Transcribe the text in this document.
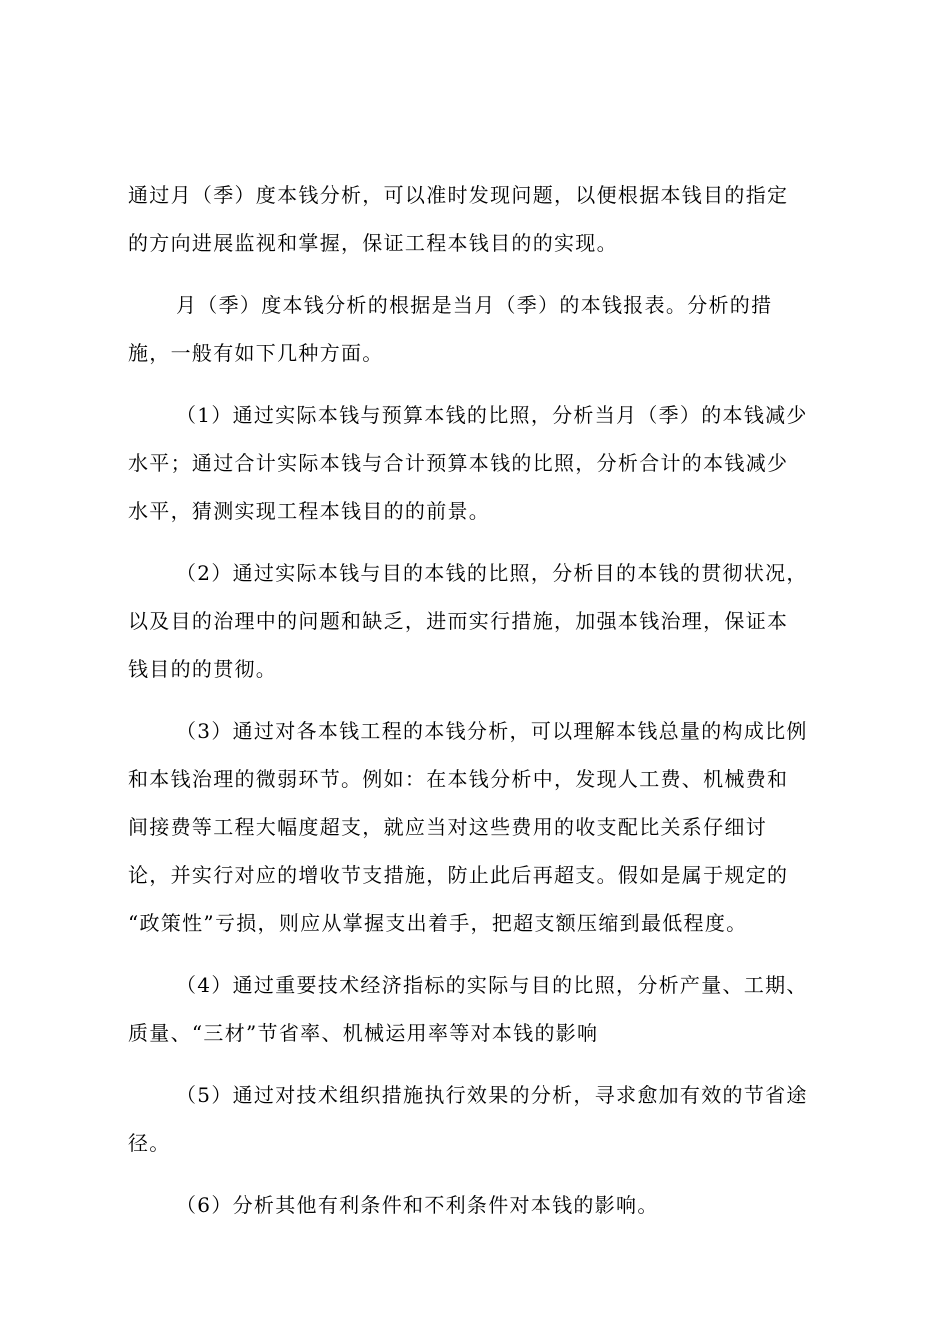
通过月（季）度本钱分析，可以准时发现问题，以便根据本钱目的指定
的方向进展监视和掌握，保证工程本钱目的的实现。
月（季）度本钱分析的根据是当月（季）的本钱报表。分析的措
施，一般有如下几种方面。
（1）通过实际本钱与预算本钱的比照，分析当月（季）的本钱减少
水平；通过合计实际本钱与合计预算本钱的比照，分析合计的本钱减少
水平，猜测实现工程本钱目的的前景。
（2）通过实际本钱与目的本钱的比照，分析目的本钱的贯彻状况，
以及目的治理中的问题和缺乏，进而实行措施，加强本钱治理，保证本
钱目的的贯彻。
（3）通过对各本钱工程的本钱分析，可以理解本钱总量的构成比例
和本钱治理的微弱环节。例如：在本钱分析中，发现人工费、机械费和
间接费等工程大幅度超支，就应当对这些费用的收支配比关系仔细讨
论，并实行对应的增收节支措施，防止此后再超支。假如是属于规定的
“政策性”亏损，则应从掌握支出着手，把超支额压缩到最低程度。
（4）通过重要技术经济指标的实际与目的比照，分析产量、工期、
质量、“三材”节省率、机械运用率等对本钱的影响
（5）通过对技术组织措施执行效果的分析，寻求愈加有效的节省途
径。
（6）分析其他有利条件和不利条件对本钱的影响。
